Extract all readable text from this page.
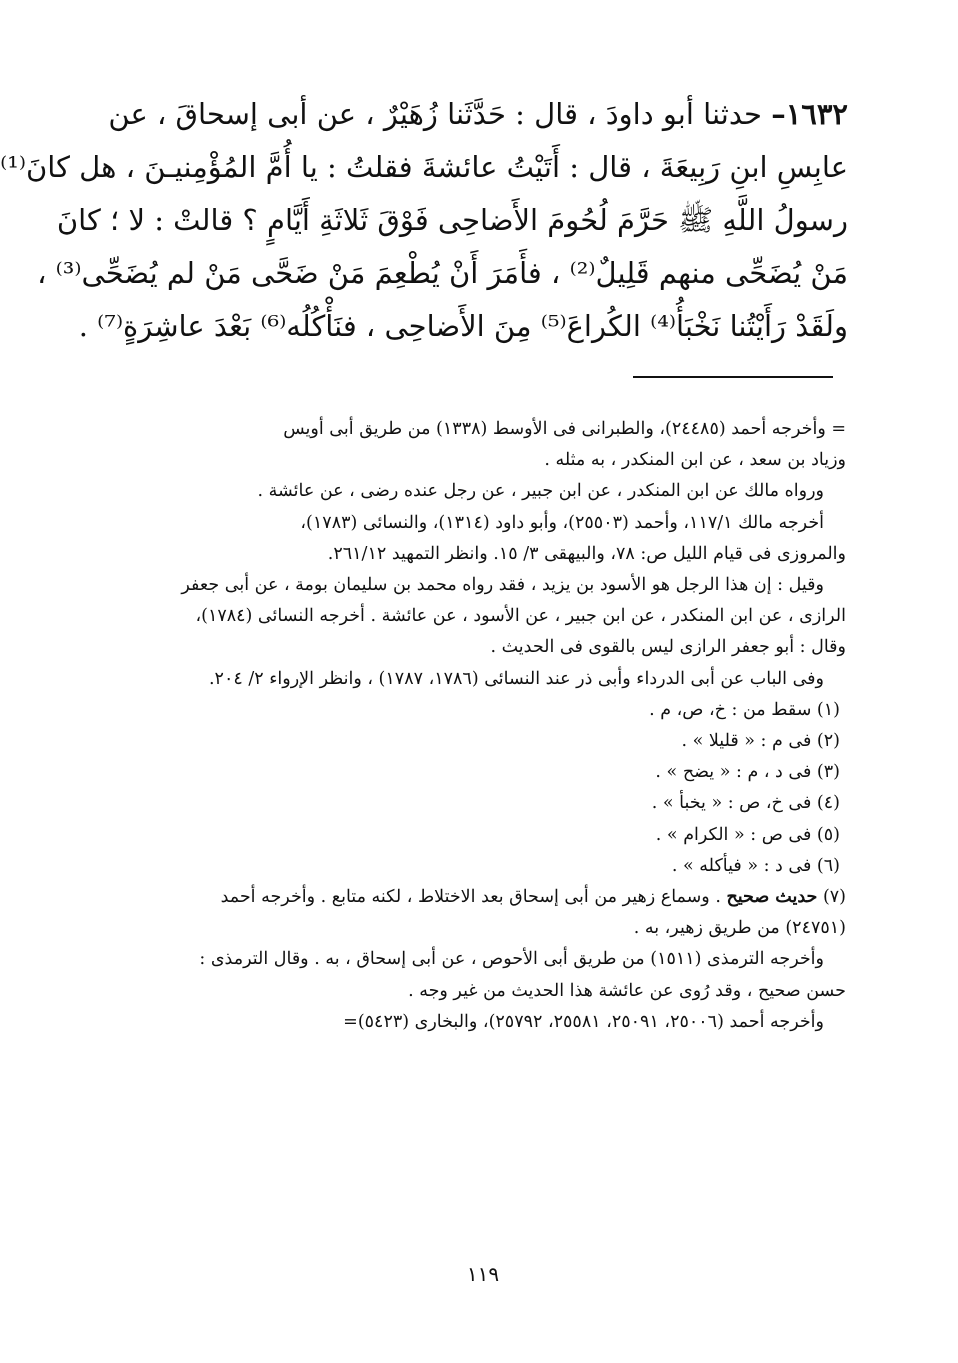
١٦٣٢– حدثنا أبو داودَ ، قال : حَدَّثَنا زُهَيْرٌ ، عن أبى إسحاقَ ، عن
عابِسِ ابنِ رَبِيعَةَ ، قال : أَتَيْتُ عائشةَ فقلتُ : يا أُمَّ المُؤْمِنيـنَ ، هل كانَ⁽¹⁾
رسولُ اللَّهِ ﷺ حَرَّمَ لُحُومَ الأَضاحِى فَوْقَ ثَلاثَةِ أَيَّامٍ ؟ قالتْ : لا ؛ كانَ
مَنْ يُضَحِّى منهم قَلِيلٌ⁽²⁾ ، فأَمَرَ أَنْ يُطْعِمَ مَنْ ضَحَّى مَنْ لم يُضَحِّى⁽³⁾ ،
ولَقَدْ رَأَيْتُنا نَخْبَأُ⁽⁴⁾ الكُراعَ⁽⁵⁾ مِنَ الأَضاحِى ، فنَأْكُلُه⁽⁶⁾ بَعْدَ عاشِرَةٍ⁽⁷⁾ .
= وأخرجه أحمد (٢٤٤٨٥)، والطبرانى فى الأوسط (١٣٣٨) من طريق أبى أويس
وزياد بن سعد ، عن ابن المنكدر ، به مثله .
ورواه مالك عن ابن المنكدر ، عن ابن جبير ، عن رجل عنده رضى ، عن عائشة .
أخرجه مالك ١١٧/١، وأحمد (٢٥٥٠٣)، وأبو داود (١٣١٤)، والنسائى (١٧٨٣)،
والمروزى فى قيام الليل ص: ٧٨، والبيهقى ٣/ ١٥. وانظر التمهيد ٢٦١/١٢.
وقيل : إن هذا الرجل هو الأسود بن يزيد ، فقد رواه محمد بن سليمان بومة ، عن أبى جعفر
الرازى ، عن ابن المنكدر ، عن ابن جبير ، عن الأسود ، عن عائشة . أخرجه النسائى (١٧٨٤)،
وقال : أبو جعفر الرازى ليس بالقوى فى الحديث .
وفى الباب عن أبى الدرداء وأبى ذر عند النسائى (١٧٨٦، ١٧٨٧) ، وانظر الإرواء ٢/ ٢٠٤.
(١) سقط من : خ، ص، م .
(٢) فى م : « قليلا » .
(٣) فى د ، م : « يضح » .
(٤) فى خ، ص : « يخبأ » .
(٥) فى ص : « الكرام » .
(٦) فى د : « فيأكله » .
(٧) حديث صحيح . وسماع زهير من أبى إسحاق بعد الاختلاط ، لكنه متابع . وأخرجه أحمد
(٢٤٧٥١) من طريق زهير، به .
وأخرجه الترمذى (١٥١١) من طريق أبى الأحوص ، عن أبى إسحاق ، به . وقال الترمذى :
حسن صحيح ، وقد رُوى عن عائشة هذا الحديث من غير وجه .
وأخرجه أحمد (٢٥٠٠٦، ٢٥٠٩١، ٢٥٥٨١، ٢٥٧٩٢)، والبخارى (٥٤٢٣)=
١١٩
